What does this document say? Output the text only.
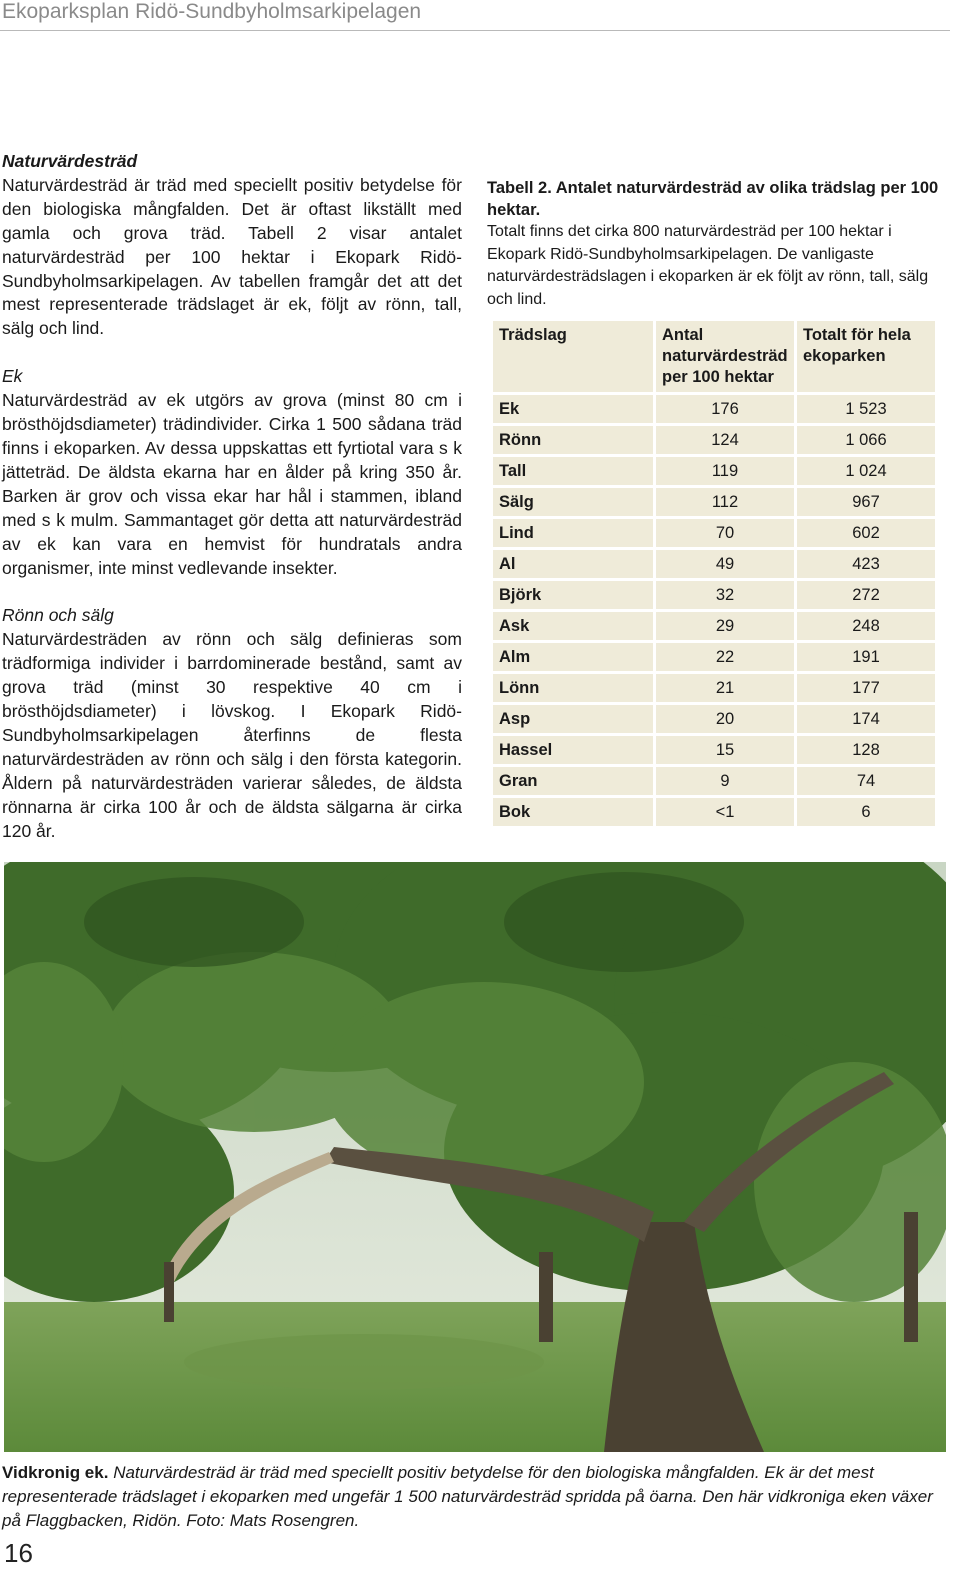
Ekoparksplan Ridö-Sundbyholmsarkipelagen
Naturvärdesträd

Naturvärdesträd är träd med speciellt positiv betydelse för den biologiska mångfalden. Det är oftast likställt med gamla och grova träd. Tabell 2 visar antalet naturvärdesträd per 100 hektar i Ekopark Ridö-Sundbyholmsarkipelagen. Av tabellen framgår det att det mest representerade trädslaget är ek, följt av rönn, tall, sälg och lind.

Ek

Naturvärdesträd av ek utgörs av grova (minst 80 cm i brösthöjdsdiameter) trädindivider. Cirka 1 500 sådana träd finns i ekoparken. Av dessa uppskattas ett fyrtiotal vara s k jätteträd. De äldsta ekarna har en ålder på kring 350 år. Barken är grov och vissa ekar har hål i stammen, ibland med s k mulm. Sammantaget gör detta att naturvärdesträd av ek kan vara en hemvist för hundratals andra organismer, inte minst vedlevande insekter.

Rönn och sälg

Naturvärdesträden av rönn och sälg definieras som trädformiga individer i barrdominerade bestånd, samt av grova träd (minst 30 respektive 40 cm i brösthöjdsdiameter) i lövskog. I Ekopark Ridö-Sundbyholmsarkipelagen återfinns de flesta naturvärdesträden av rönn och sälg i den första kategorin. Åldern på naturvärdesträden varierar således, de äldsta rönnarna är cirka 100 år och de äldsta sälgarna är cirka 120 år.

Tabell 2. Antalet naturvärdesträd av olika trädslag per 100 hektar.
Totalt finns det cirka 800 naturvärdesträd per 100 hektar i Ekopark Ridö-Sundbyholmsarkipelagen. De vanligaste naturvärdesträdslagen i ekoparken är ek följt av rönn, tall, sälg och lind.
Trädslag	Antal naturvärdesträd per 100 hektar	Totalt för hela ekoparken
Ek	176	1 523
Rönn	124	1 066
Tall	119	1 024
Sälg	112	967
Lind	70	602
Al	49	423
Björk	32	272
Ask	29	248
Alm	22	191
Lönn	21	177
Asp	20	174
Hassel	15	128
Gran	9	74
Bok	<1	6
Vidkronig ek. Naturvärdesträd är träd med speciellt positiv betydelse för den biologiska mångfalden. Ek är det mest representerade trädslaget i ekoparken med ungefär 1 500 naturvärdesträd spridda på öarna. Den här vidkroniga eken växer på Flaggbacken, Ridön. Foto: Mats Rosengren.
16
